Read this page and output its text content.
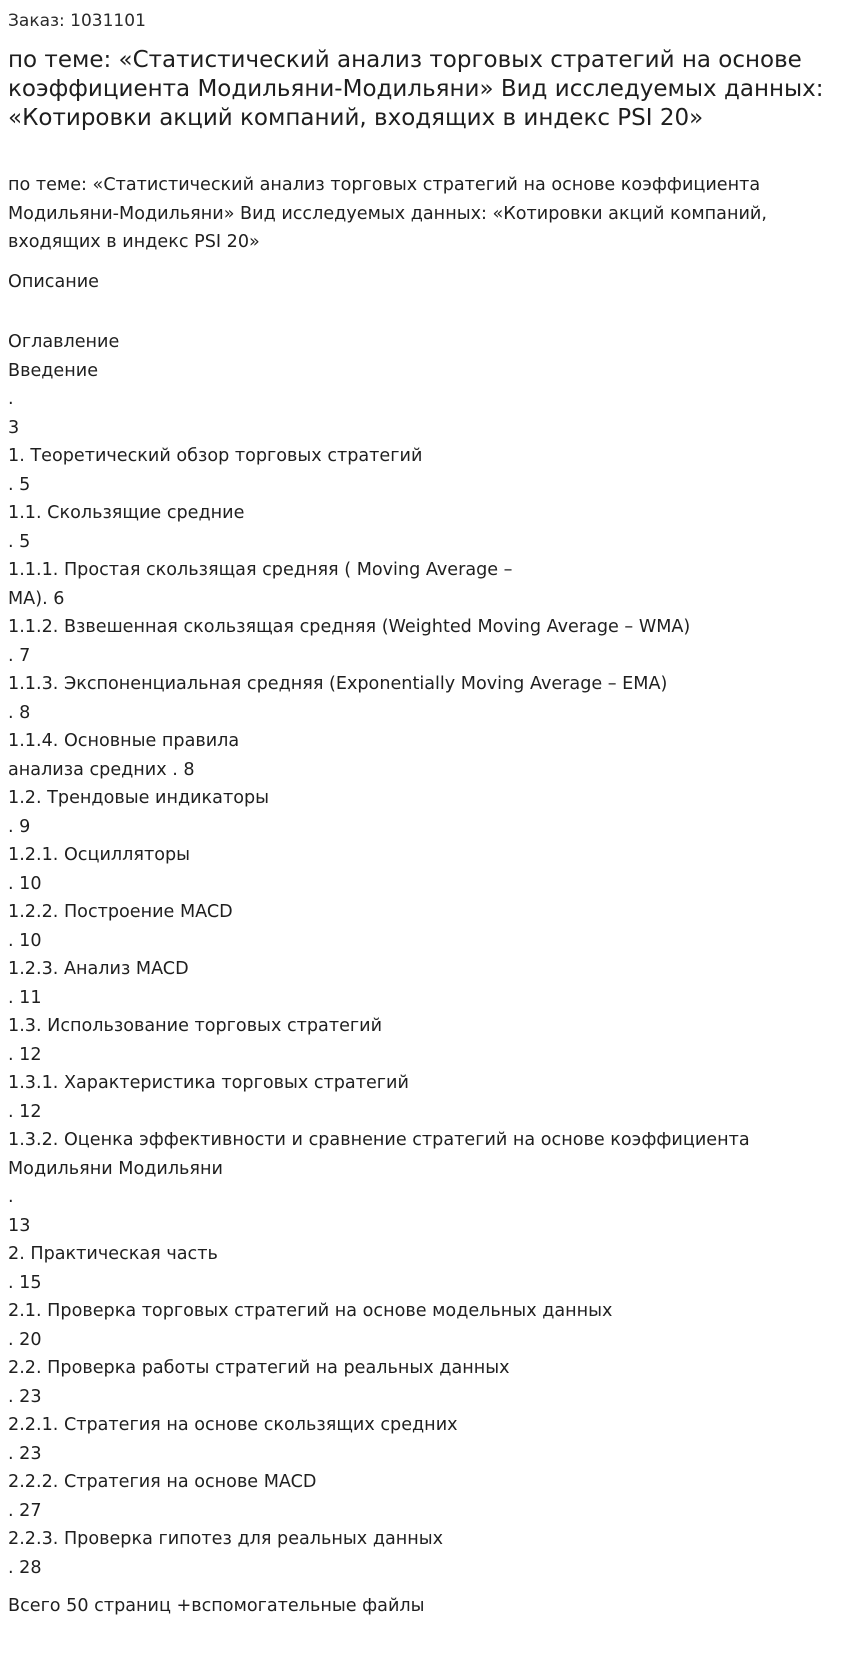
Заказ: 1031101
по теме: «Статистический анализ торговых стратегий на основе коэффициента Модильяни-Модильяни» Вид исследуемых данных: «Котировки акций компаний, входящих в индекс PSI 20»
по теме: «Статистический анализ торговых стратегий на основе коэффициента
Модильяни-Модильяни» Вид исследуемых данных: «Котировки акций компаний,
входящих в индекс PSI 20»
Описание
Оглавление
Введение
.
3
1. Теоретический обзор торговых стратегий
. 5
1.1. Скользящие средние
. 5
1.1.1. Простая скользящая средняя ( Moving Average –
MA). 6
1.1.2. Взвешенная скользящая средняя (Weighted Moving Average – WMA)
. 7
1.1.3. Экспоненциальная средняя (Exponentially Moving Average – EMA)
. 8
1.1.4. Основные правила
анализа средних . 8
1.2. Трендовые индикаторы
. 9
1.2.1. Осцилляторы
. 10
1.2.2. Построение MACD
. 10
1.2.3. Анализ MACD
. 11
1.3. Использование торговых стратегий
. 12
1.3.1. Характеристика торговых стратегий
. 12
1.3.2. Оценка эффективности и сравнение стратегий на основе коэффициента
Модильяни Модильяни
.
13
2. Практическая часть
. 15
2.1. Проверка торговых стратегий на основе модельных данных
. 20
2.2. Проверка работы стратегий на реальных данных
. 23
2.2.1. Стратегия на основе скользящих средних
. 23
2.2.2. Стратегия на основе MACD
. 27
2.2.3. Проверка гипотез для реальных данных
. 28
Всего 50 страниц +вспомогательные файлы
